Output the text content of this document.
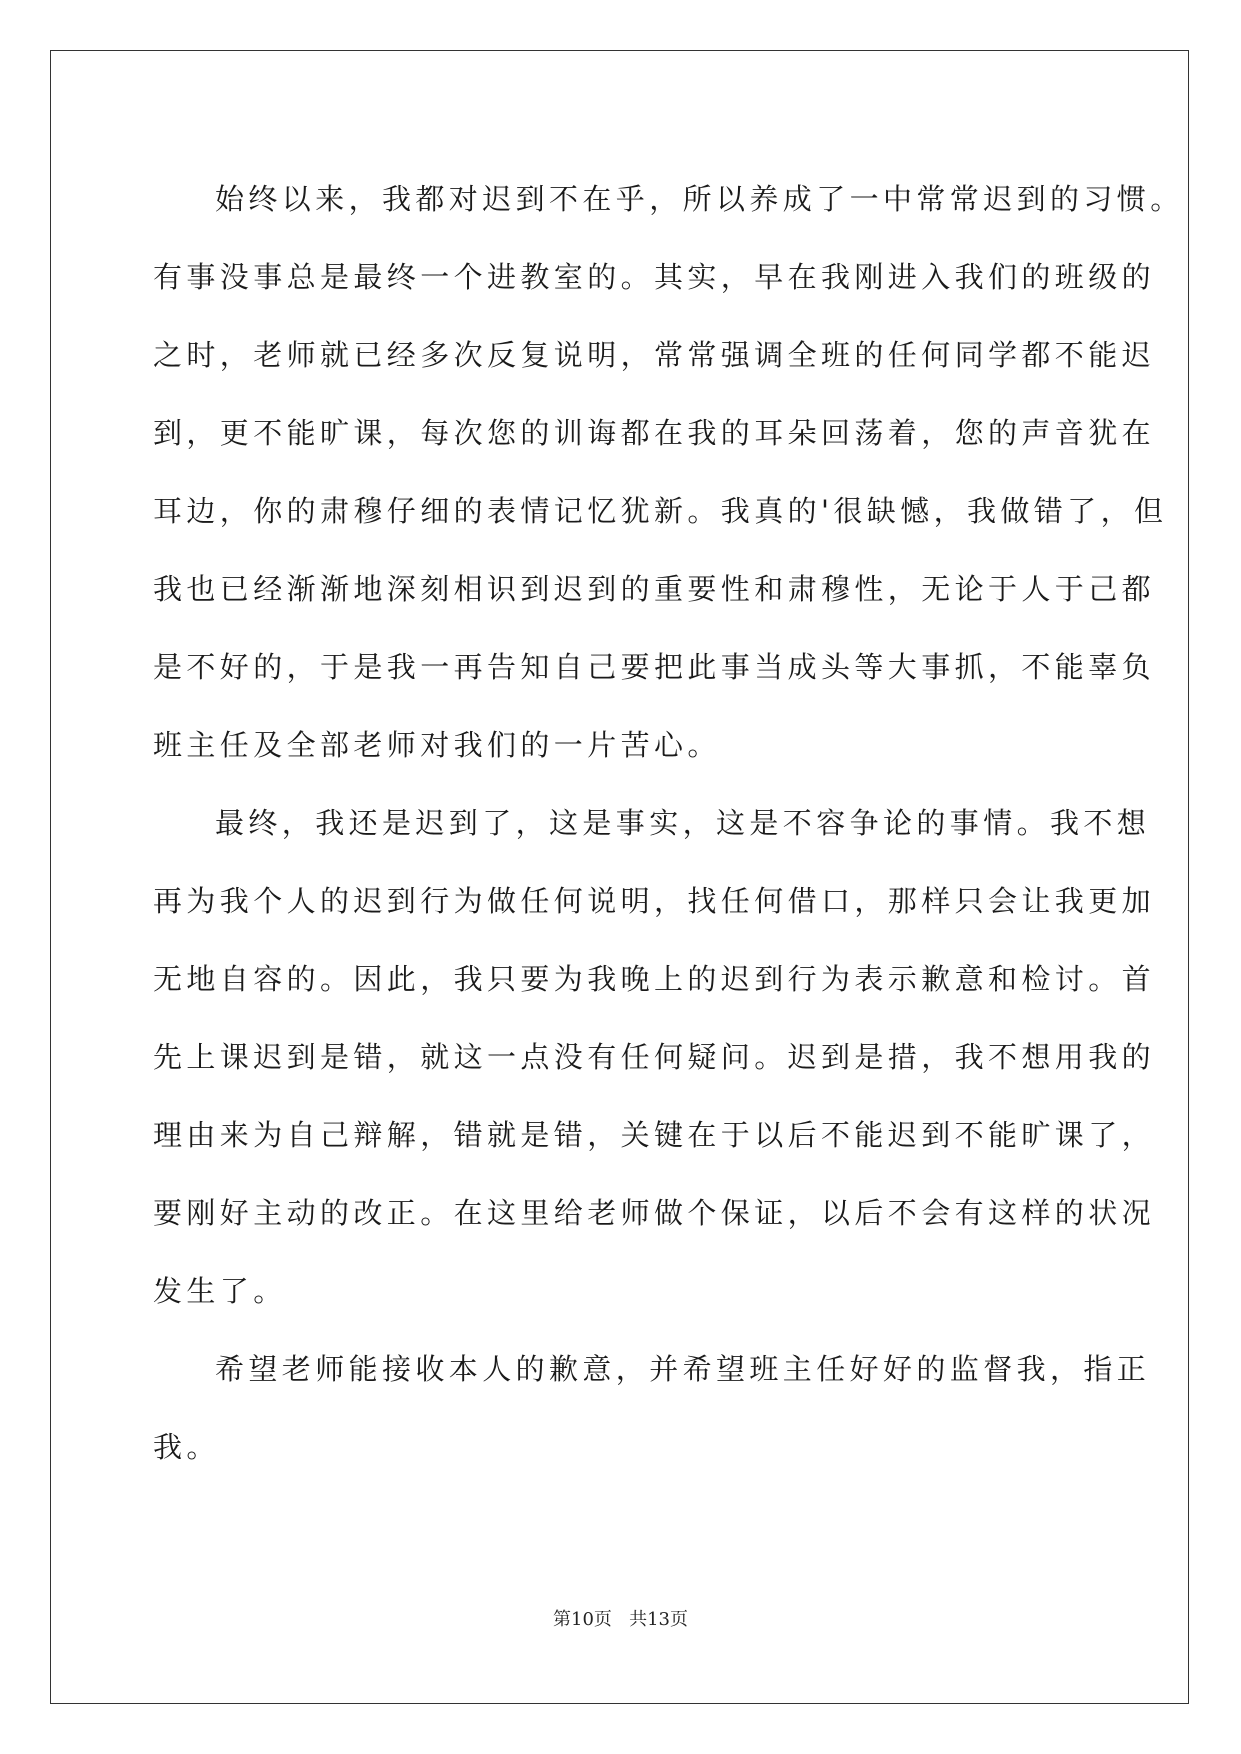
始终以来，我都对迟到不在乎，所以养成了一中常常迟到的习惯。
有事没事总是最终一个进教室的。其实，早在我刚进入我们的班级的
之时，老师就已经多次反复说明，常常强调全班的任何同学都不能迟
到，更不能旷课，每次您的训诲都在我的耳朵回荡着，您的声音犹在
耳边，你的肃穆仔细的表情记忆犹新。我真的'很缺憾，我做错了，但
我也已经渐渐地深刻相识到迟到的重要性和肃穆性，无论于人于己都
是不好的，于是我一再告知自己要把此事当成头等大事抓，不能辜负
班主任及全部老师对我们的一片苦心。
最终，我还是迟到了，这是事实，这是不容争论的事情。我不想
再为我个人的迟到行为做任何说明，找任何借口，那样只会让我更加
无地自容的。因此，我只要为我晚上的迟到行为表示歉意和检讨。首
先上课迟到是错，就这一点没有任何疑问。迟到是措，我不想用我的
理由来为自己辩解，错就是错，关键在于以后不能迟到不能旷课了，
要刚好主动的改正。在这里给老师做个保证，以后不会有这样的状况
发生了。
希望老师能接收本人的歉意，并希望班主任好好的监督我，指正
我。
第10页 共13页
